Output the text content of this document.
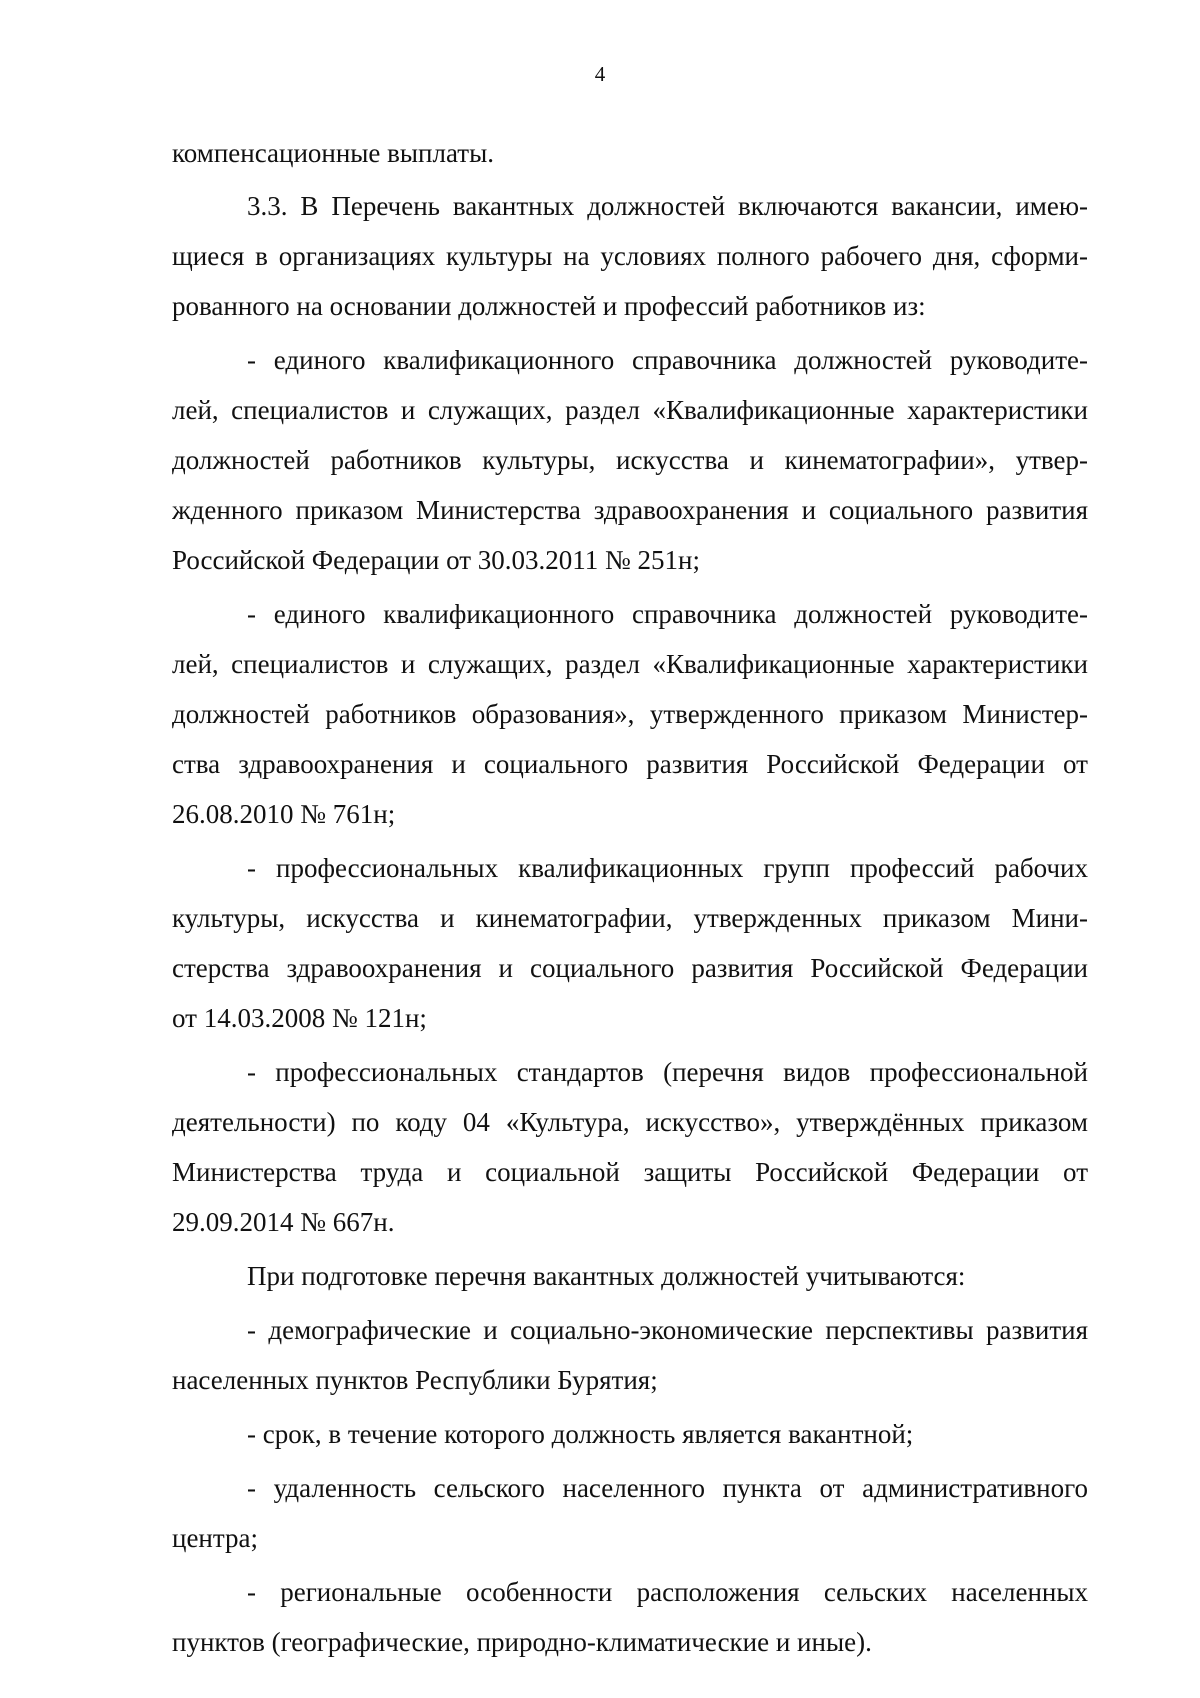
4
компенсационные выплаты.
3.3. В Перечень вакантных должностей включаются вакансии, имею-
щиеся в организациях культуры на условиях полного рабочего дня, сформи-
рованного на основании должностей и профессий работников из:
- единого квалификационного справочника должностей руководите-
лей, специалистов и служащих, раздел «Квалификационные характеристики
должностей работников культуры, искусства и кинематографии», утвер-
жденного приказом Министерства здравоохранения и социального развития
Российской Федерации от 30.03.2011 № 251н;
- единого квалификационного справочника должностей руководите-
лей, специалистов и служащих, раздел «Квалификационные характеристики
должностей работников образования», утвержденного приказом Министер-
ства здравоохранения и социального развития Российской Федерации от
26.08.2010 № 761н;
- профессиональных квалификационных групп профессий рабочих
культуры, искусства и кинематографии, утвержденных приказом Мини-
стерства здравоохранения и социального развития Российской Федерации
от 14.03.2008 № 121н;
- профессиональных стандартов (перечня видов профессиональной
деятельности) по коду 04 «Культура, искусство», утверждённых приказом
Министерства труда и социальной защиты Российской Федерации от
29.09.2014 № 667н.
При подготовке перечня вакантных должностей учитываются:
- демографические и социально-экономические перспективы развития
населенных пунктов Республики Бурятия;
- срок, в течение которого должность является вакантной;
- удаленность сельского населенного пункта от административного
центра;
- региональные особенности расположения сельских населенных
пунктов (географические, природно-климатические и иные).
